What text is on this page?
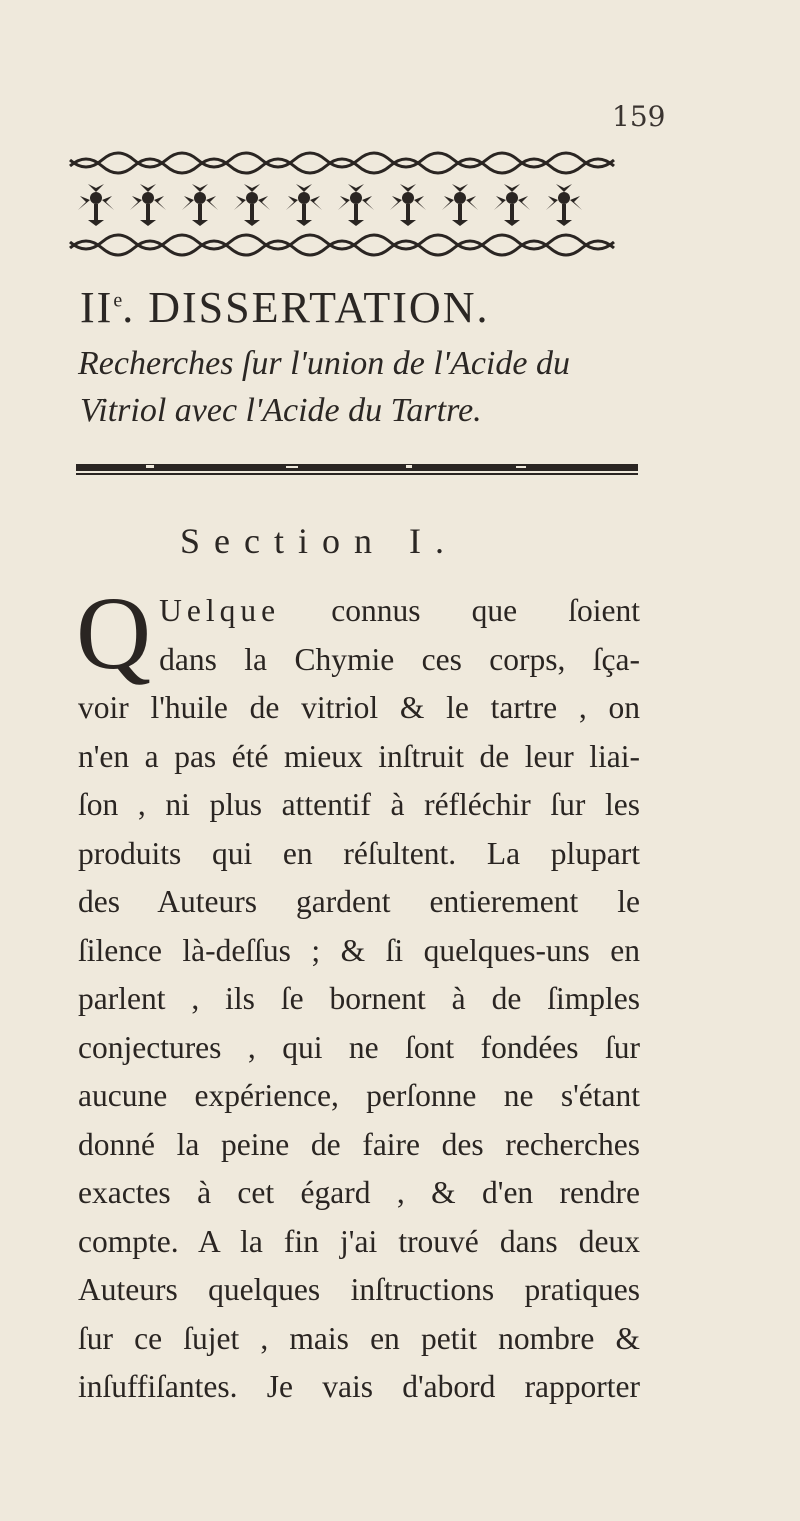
159
IIe. DISSERTATION.
Recherches ſur l'union de l'Acide du
Vitriol avec l'Acide du Tartre.
Section I.
Q Uelque connus que ſoient
dans la Chymie ces corps, ſça-
voir l'huile de vitriol & le tartre , on
n'en a pas été mieux inſtruit de leur liai-
ſon , ni plus attentif à réfléchir ſur les
produits qui en réſultent. La plupart
des Auteurs gardent entierement le
ſilence là-deſſus ; & ſi quelques-uns en
parlent , ils ſe bornent à de ſimples
conjectures , qui ne ſont fondées ſur
aucune expérience, perſonne ne s'étant
donné la peine de faire des recherches
exactes à cet égard , & d'en rendre
compte. A la fin j'ai trouvé dans deux
Auteurs quelques inſtructions pratiques
ſur ce ſujet , mais en petit nombre &
inſuffiſantes. Je vais d'abord rapporter
